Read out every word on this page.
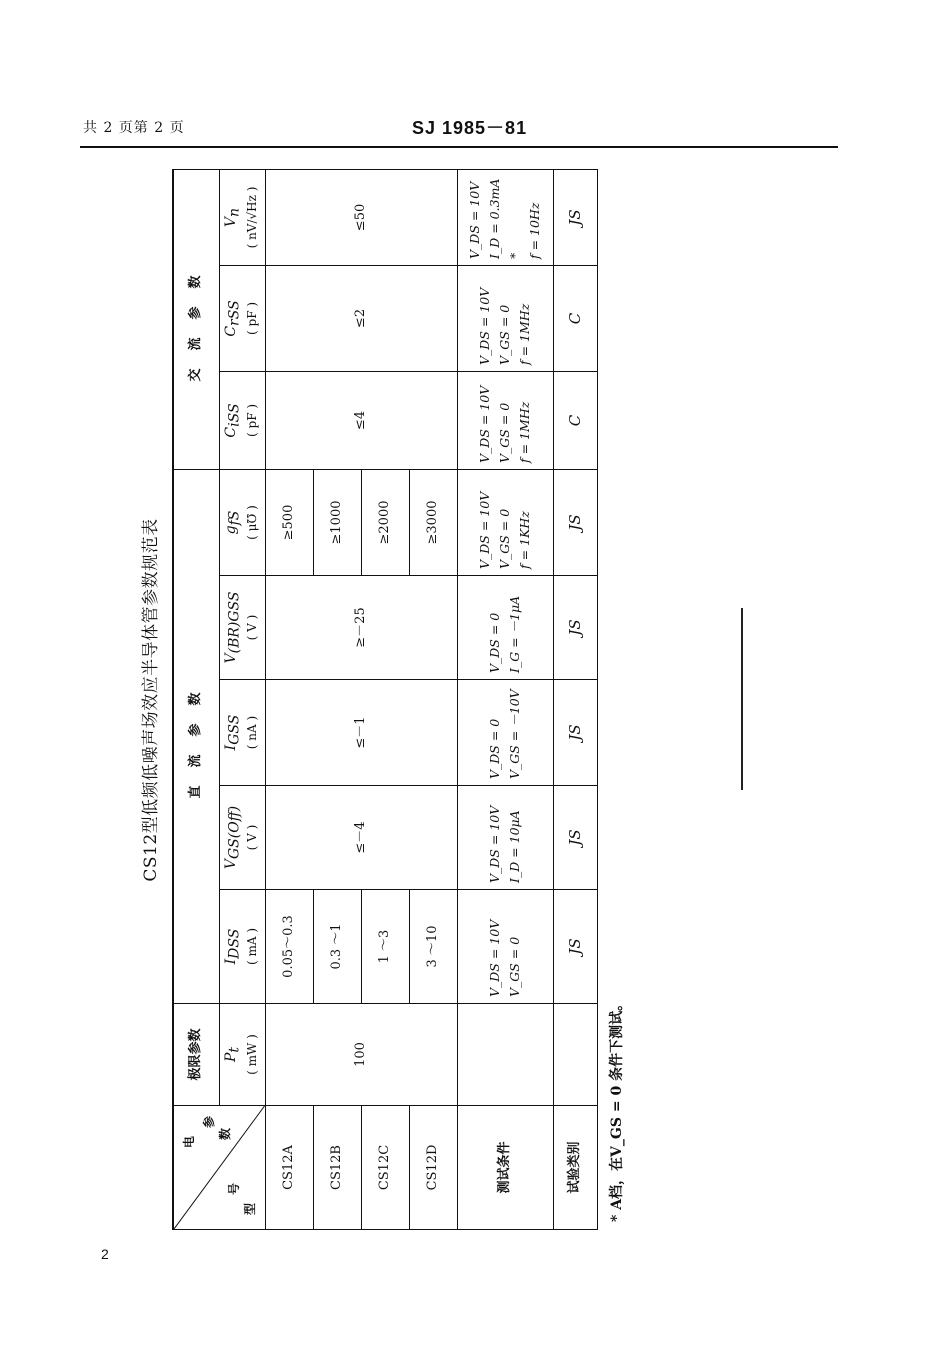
共 2 页第 2 页	SJ 1985－81
2
CS12型低频低噪声场效应半导体管参数规范表
电
参
数
型
号	极限参数	直流参数					交流参数		
	$P_t$ ( mW )	$I_{DSS}$ ( mA )	$V_{GS(Off)}$ ( V )	$I_{GSS}$ ( nA )	$V_{(BR)GSS}$ ( V )	$g_{fS}$ ( μ℧ )	$C_{iSS}$ ( pF )	$C_{rSS}$ ( pF )	$V_n$ ( nV/√Hz )
CS12A	100	0.05～0.3	≤－4	≤－1	≥－25	≥500	≤4	≤2	≤50
CS12B		0.3 ～1				≥1000			
CS12C		1 ～3				≥2000			
CS12D		3 ～10				≥3000			
测试条件		V_DS = 10V V_GS = 0	V_DS = 10V I_D = 10μA	V_DS = 0 V_GS = －10V	V_DS = 0 I_G = －1μA	V_DS = 10V V_GS = 0 f = 1KHz	V_DS = 10V V_GS = 0 f = 1MHz	V_DS = 10V V_GS = 0 f = 1MHz	V_DS = 10V I_D = 0.3mA * f = 10Hz
试验类别		JS	JS	JS	JS	JS	C	C	JS
* A档，在V_GS = 0 条件下测试。
